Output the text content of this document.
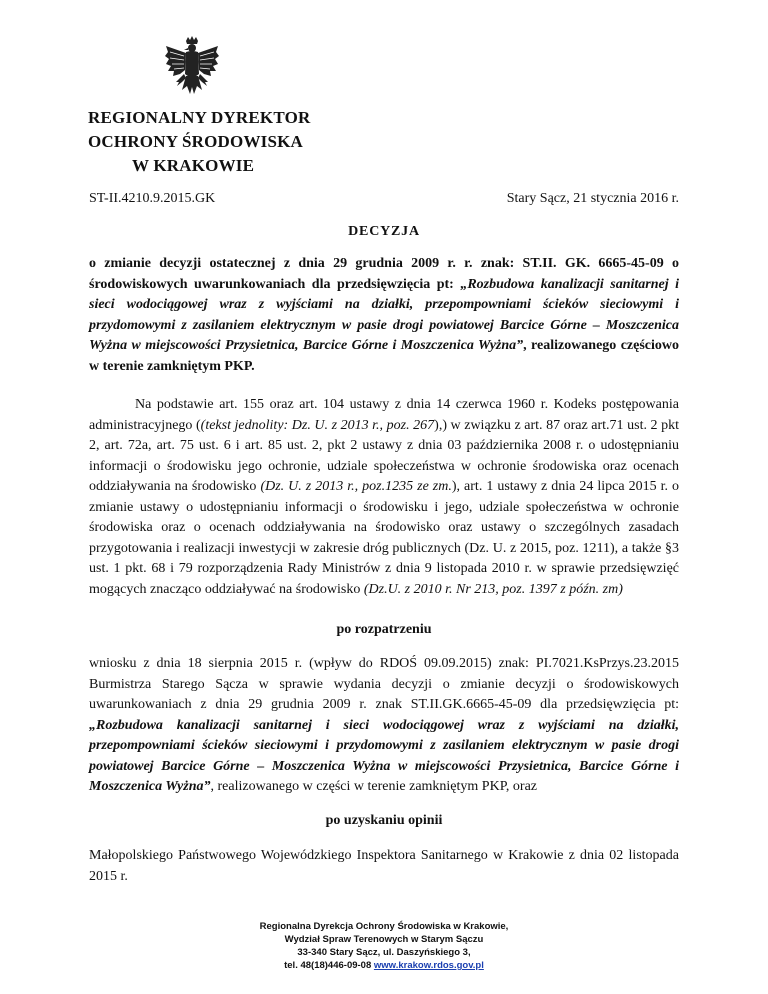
REGIONALNY DYREKTOR
OCHRONY ŚRODOWISKA
W KRAKOWIE
ST-II.4210.9.2015.GK	Stary Sącz, 21 stycznia 2016 r.
DECYZJA
o zmianie decyzji ostatecznej z dnia 29 grudnia 2009 r. r. znak: ST.II. GK. 6665-45-09 o środowiskowych uwarunkowaniach dla przedsięwzięcia pt: „Rozbudowa kanalizacji sanitarnej i sieci wodociągowej wraz z wyjściami na działki, przepompowniami ścieków sieciowymi i przydomowymi z zasilaniem elektrycznym w pasie drogi powiatowej Barcice Górne – Moszczenica Wyżna w miejscowości Przysietnica, Barcice Górne i Moszczenica Wyżna”, realizowanego częściowo w terenie zamkniętym PKP.
Na podstawie art. 155 oraz art. 104 ustawy z dnia 14 czerwca 1960 r. Kodeks postępowania administracyjnego ((tekst jednolity: Dz. U. z 2013 r., poz. 267),) w związku z art. 87 oraz art.71 ust. 2 pkt 2, art. 72a, art. 75 ust. 6 i art. 85 ust. 2, pkt 2 ustawy z dnia 03 października 2008 r. o udostępnianiu informacji o środowisku jego ochronie, udziale społeczeństwa w ochronie środowiska oraz ocenach oddziaływania na środowisko (Dz. U. z 2013 r., poz.1235 ze zm.), art. 1 ustawy z dnia 24 lipca 2015 r. o zmianie ustawy o udostępnianiu informacji o środowisku i jego, udziale społeczeństwa w ochronie środowiska oraz o ocenach oddziaływania na środowisko oraz ustawy o szczególnych zasadach przygotowania i realizacji inwestycji w zakresie dróg publicznych (Dz. U. z 2015, poz. 1211), a także §3 ust. 1 pkt. 68 i 79 rozporządzenia Rady Ministrów z dnia 9 listopada 2010 r. w sprawie przedsięwzięć mogących znacząco oddziaływać na środowisko (Dz.U. z 2010 r. Nr 213, poz. 1397 z późn. zm)
po rozpatrzeniu
wniosku z dnia 18 sierpnia 2015 r. (wpływ do RDOŚ 09.09.2015) znak: PI.7021.KsPrzys.23.2015 Burmistrza Starego Sącza w sprawie wydania decyzji o zmianie decyzji o środowiskowych uwarunkowaniach z dnia 29 grudnia 2009 r. znak ST.II.GK.6665-45-09 dla przedsięwzięcia pt: „Rozbudowa kanalizacji sanitarnej i sieci wodociągowej wraz z wyjściami na działki, przepompowniami ścieków sieciowymi i przydomowymi z zasilaniem elektrycznym w pasie drogi powiatowej Barcice Górne – Moszczenica Wyżna w miejscowości Przysietnica, Barcice Górne i Moszczenica Wyżna”, realizowanego w części w terenie zamkniętym PKP, oraz
po uzyskaniu opinii
Małopolskiego Państwowego Wojewódzkiego Inspektora Sanitarnego w Krakowie z dnia 02 listopada 2015 r.
Regionalna Dyrekcja Ochrony Środowiska w Krakowie,
Wydział Spraw Terenowych w Starym Sączu
33-340 Stary Sącz, ul. Daszyńskiego 3,
tel. 48(18)446-09-08 www.krakow.rdos.gov.pl
